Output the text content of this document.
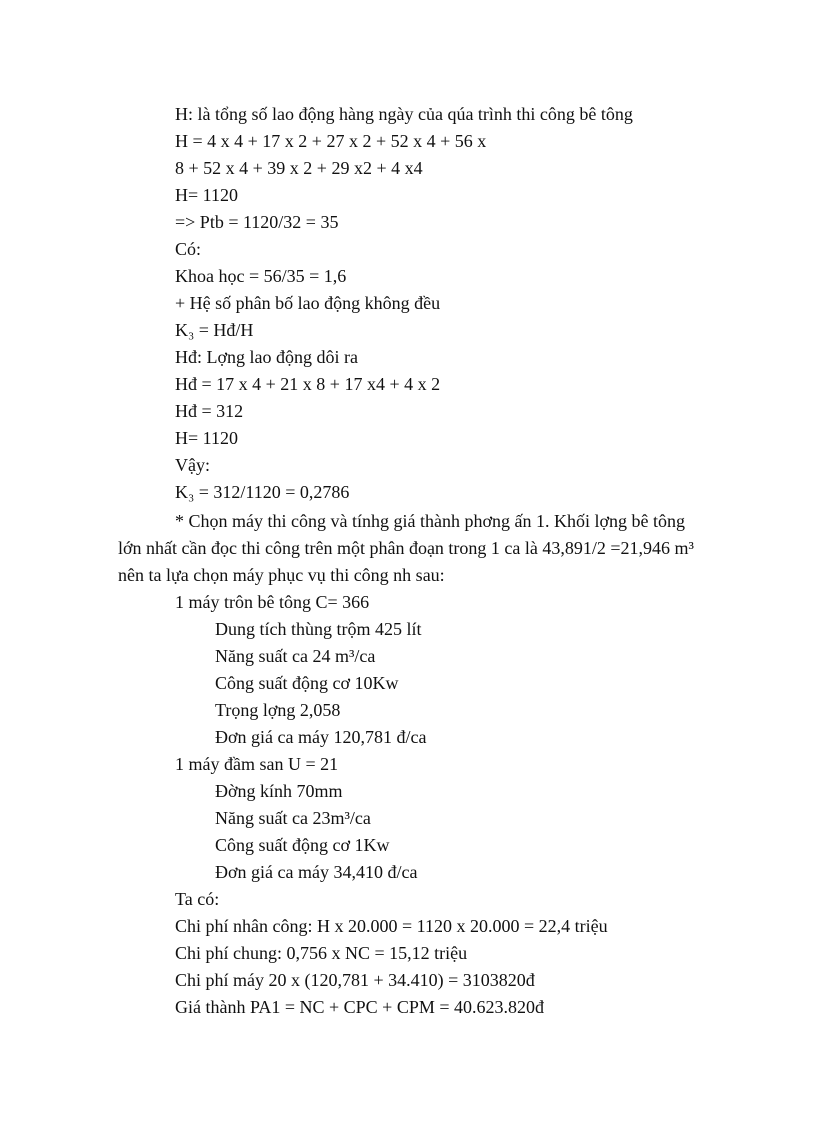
H: là tổng số lao động hàng ngày của qúa trình thi công bê tông
H = 4 x 4 + 17 x 2 + 27 x 2 + 52 x 4 + 56 x
8 + 52 x 4 + 39 x 2 + 29 x2 + 4 x4
H= 1120
=> Ptb = 1120/32 = 35
Có:
Khoa học = 56/35 = 1,6
+ Hệ số phân bố lao động không đều
K₃ = Hđ/H
Hđ: Lợng lao động dôi ra
Hđ = 17 x 4 + 21 x 8 + 17 x4 + 4 x 2
Hđ = 312
H= 1120
Vậy:
K₃ = 312/1120 = 0,2786
* Chọn máy thi công và tínhg giá thành phơng ấn 1. Khối lợng bê tông
lớn nhất cần đọc thi công trên một phân đoạn trong 1 ca là 43,891/2 =21,946 m³
nên ta lựa chọn máy phục vụ thi công nh sau:
1 máy trôn bê tông C= 366
Dung tích thùng trộm 425 lít
Năng suất ca 24 m³/ca
Công suất động cơ 10Kw
Trọng lợng 2,058
Đơn giá ca máy 120,781 đ/ca
1 máy đầm san U = 21
Đờng kính 70mm
Năng suất ca 23m³/ca
Công suất động cơ 1Kw
Đơn giá ca máy 34,410 đ/ca
Ta có:
Chi phí nhân công: H x 20.000 = 1120 x 20.000 = 22,4 triệu
Chi phí chung: 0,756 x NC = 15,12 triệu
Chi phí máy 20 x (120,781 + 34.410) = 3103820đ
Giá thành PA1 = NC + CPC + CPM = 40.623.820đ
